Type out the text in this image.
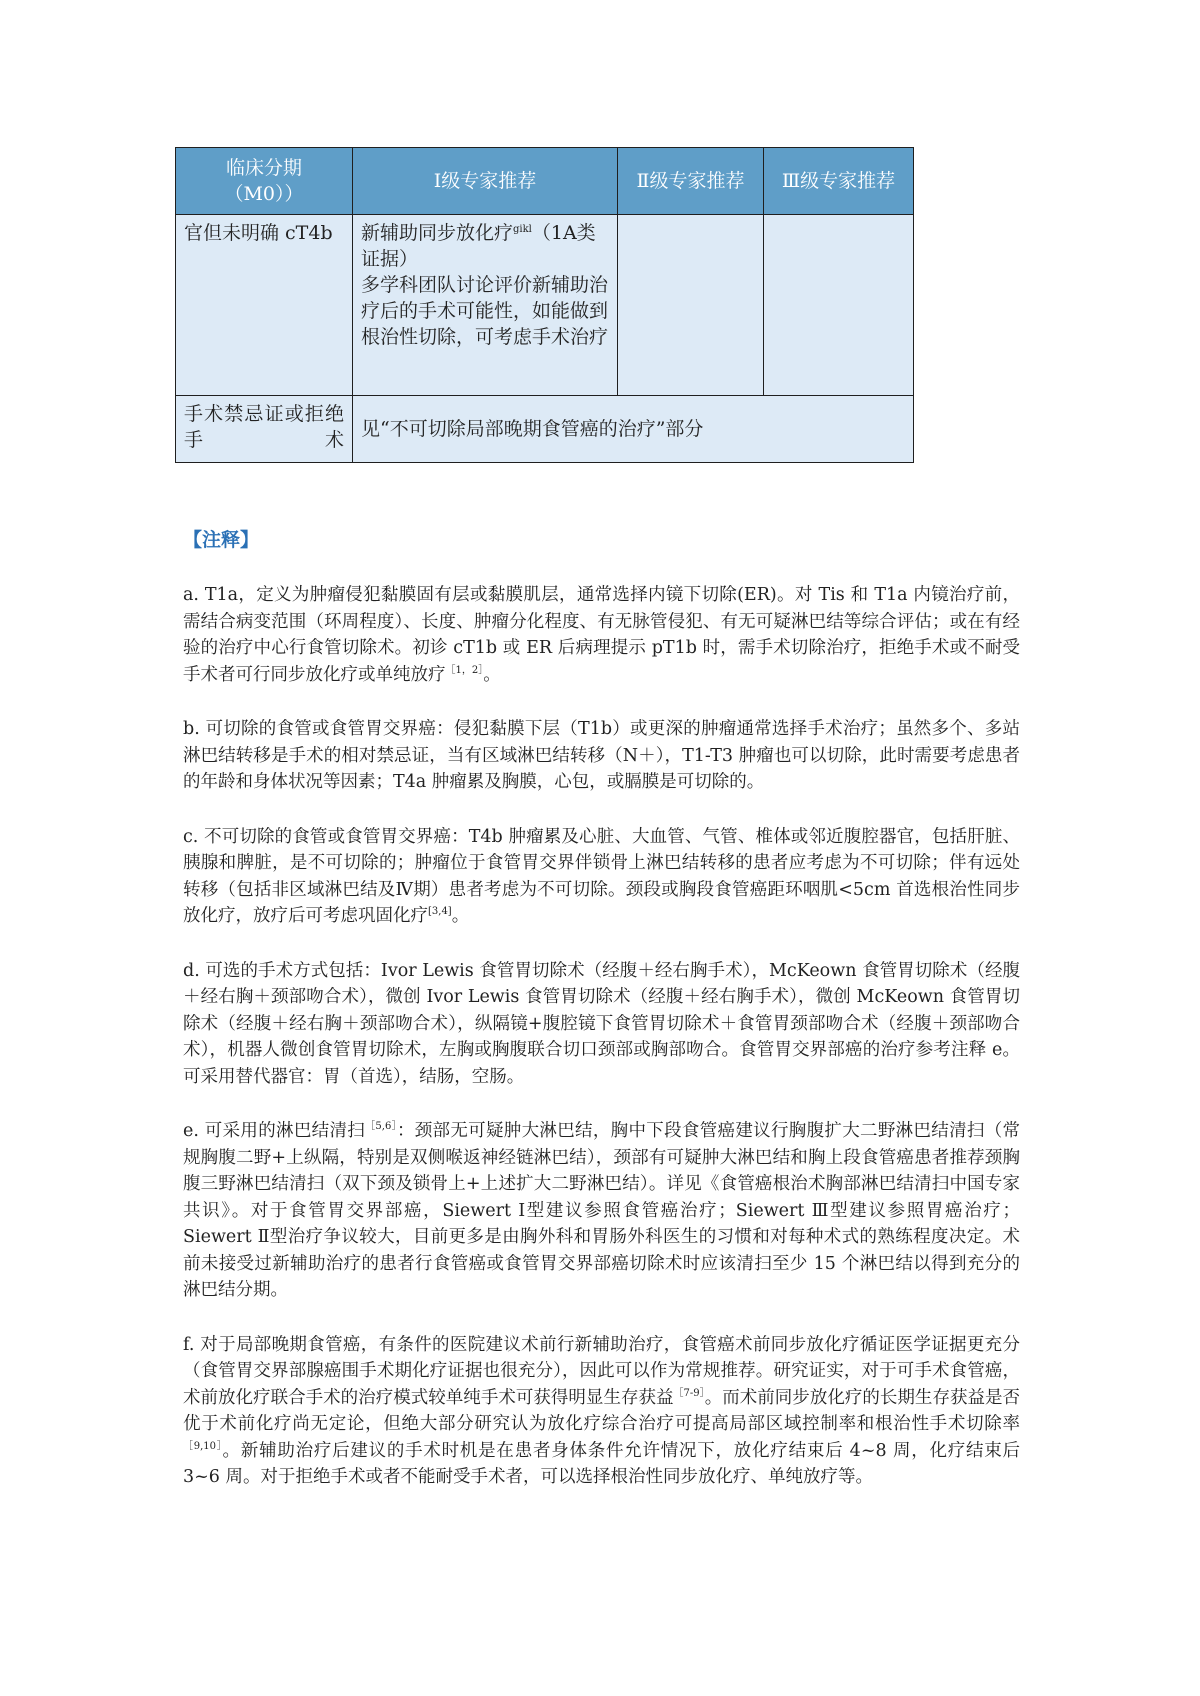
临床分期
（M0））	Ⅰ级专家推荐	Ⅱ级专家推荐	Ⅲ级专家推荐
官但未明确 cT4b	新辅助同步放化疗$^{gikl}$（1A类证据）
多学科团队讨论评价新辅助治疗后的手术可能性，如能做到根治性切除，可考虑手术治疗		

手术禁忌证或拒绝手术	见“不可切除局部晚期食管癌的治疗”部分		
【注释】

a. T1a，定义为肿瘤侵犯黏膜固有层或黏膜肌层，通常选择内镜下切除(ER)。对 Tis 和 T1a 内镜治疗前，需结合病变范围（环周程度）、长度、肿瘤分化程度、有无脉管侵犯、有无可疑淋巴结等综合评估；或在有经验的治疗中心行食管切除术。初诊 cT1b 或 ER 后病理提示 pT1b 时，需手术切除治疗，拒绝手术或不耐受手术者可行同步放化疗或单纯放疗$^{[1,2]}$。

b. 可切除的食管或食管胃交界癌：侵犯黏膜下层（T1b）或更深的肿瘤通常选择手术治疗；虽然多个、多站淋巴结转移是手术的相对禁忌证，当有区域淋巴结转移（N＋），T1-T3 肿瘤也可以切除，此时需要考虑患者的年龄和身体状况等因素；T4a 肿瘤累及胸膜，心包，或膈膜是可切除的。

c. 不可切除的食管或食管胃交界癌：T4b 肿瘤累及心脏、大血管、气管、椎体或邻近腹腔器官，包括肝脏、胰腺和脾脏，是不可切除的；肿瘤位于食管胃交界伴锁骨上淋巴结转移的患者应考虑为不可切除；伴有远处转移（包括非区域淋巴结及Ⅳ期）患者考虑为不可切除。颈段或胸段食管癌距环咽肌<5cm 首选根治性同步放化疗，放疗后可考虑巩固化疗[3,4]。

d. 可选的手术方式包括：Ivor Lewis 食管胃切除术（经腹＋经右胸手术），McKeown 食管胃切除术（经腹＋经右胸＋颈部吻合术），微创 Ivor Lewis 食管胃切除术（经腹＋经右胸手术），微创 McKeown 食管胃切除术（经腹＋经右胸＋颈部吻合术），纵隔镜+腹腔镜下食管胃切除术＋食管胃颈部吻合术（经腹＋颈部吻合术），机器人微创食管胃切除术，左胸或胸腹联合切口颈部或胸部吻合。食管胃交界部癌的治疗参考注释 e。可采用替代器官：胃（首选），结肠，空肠。

e. 可采用的淋巴结清扫$^{[5,6]}$：颈部无可疑肿大淋巴结，胸中下段食管癌建议行胸腹扩大二野淋巴结清扫（常规胸腹二野+上纵隔，特别是双侧喉返神经链淋巴结），颈部有可疑肿大淋巴结和胸上段食管癌患者推荐颈胸腹三野淋巴结清扫（双下颈及锁骨上+上述扩大二野淋巴结）。详见《食管癌根治术胸部淋巴结清扫中国专家共识》。对于食管胃交界部癌，Siewert Ⅰ型建议参照食管癌治疗；Siewert Ⅲ型建议参照胃癌治疗；Siewert Ⅱ型治疗争议较大，目前更多是由胸外科和胃肠外科医生的习惯和对每种术式的熟练程度决定。术前未接受过新辅助治疗的患者行食管癌或食管胃交界部癌切除术时应该清扫至少 15 个淋巴结以得到充分的淋巴结分期。

f. 对于局部晚期食管癌，有条件的医院建议术前行新辅助治疗，食管癌术前同步放化疗循证医学证据更充分（食管胃交界部腺癌围手术期化疗证据也很充分），因此可以作为常规推荐。研究证实，对于可手术食管癌，术前放化疗联合手术的治疗模式较单纯手术可获得明显生存获益$^{[7-9]}$。而术前同步放化疗的长期生存获益是否优于术前化疗尚无定论，但绝大部分研究认为放化疗综合治疗可提高局部区域控制率和根治性手术切除率$^{[9,10]}$。新辅助治疗后建议的手术时机是在患者身体条件允许情况下，放化疗结束后 4~8 周，化疗结束后 3~6 周。对于拒绝手术或者不能耐受手术者，可以选择根治性同步放化疗、单纯放疗等。
